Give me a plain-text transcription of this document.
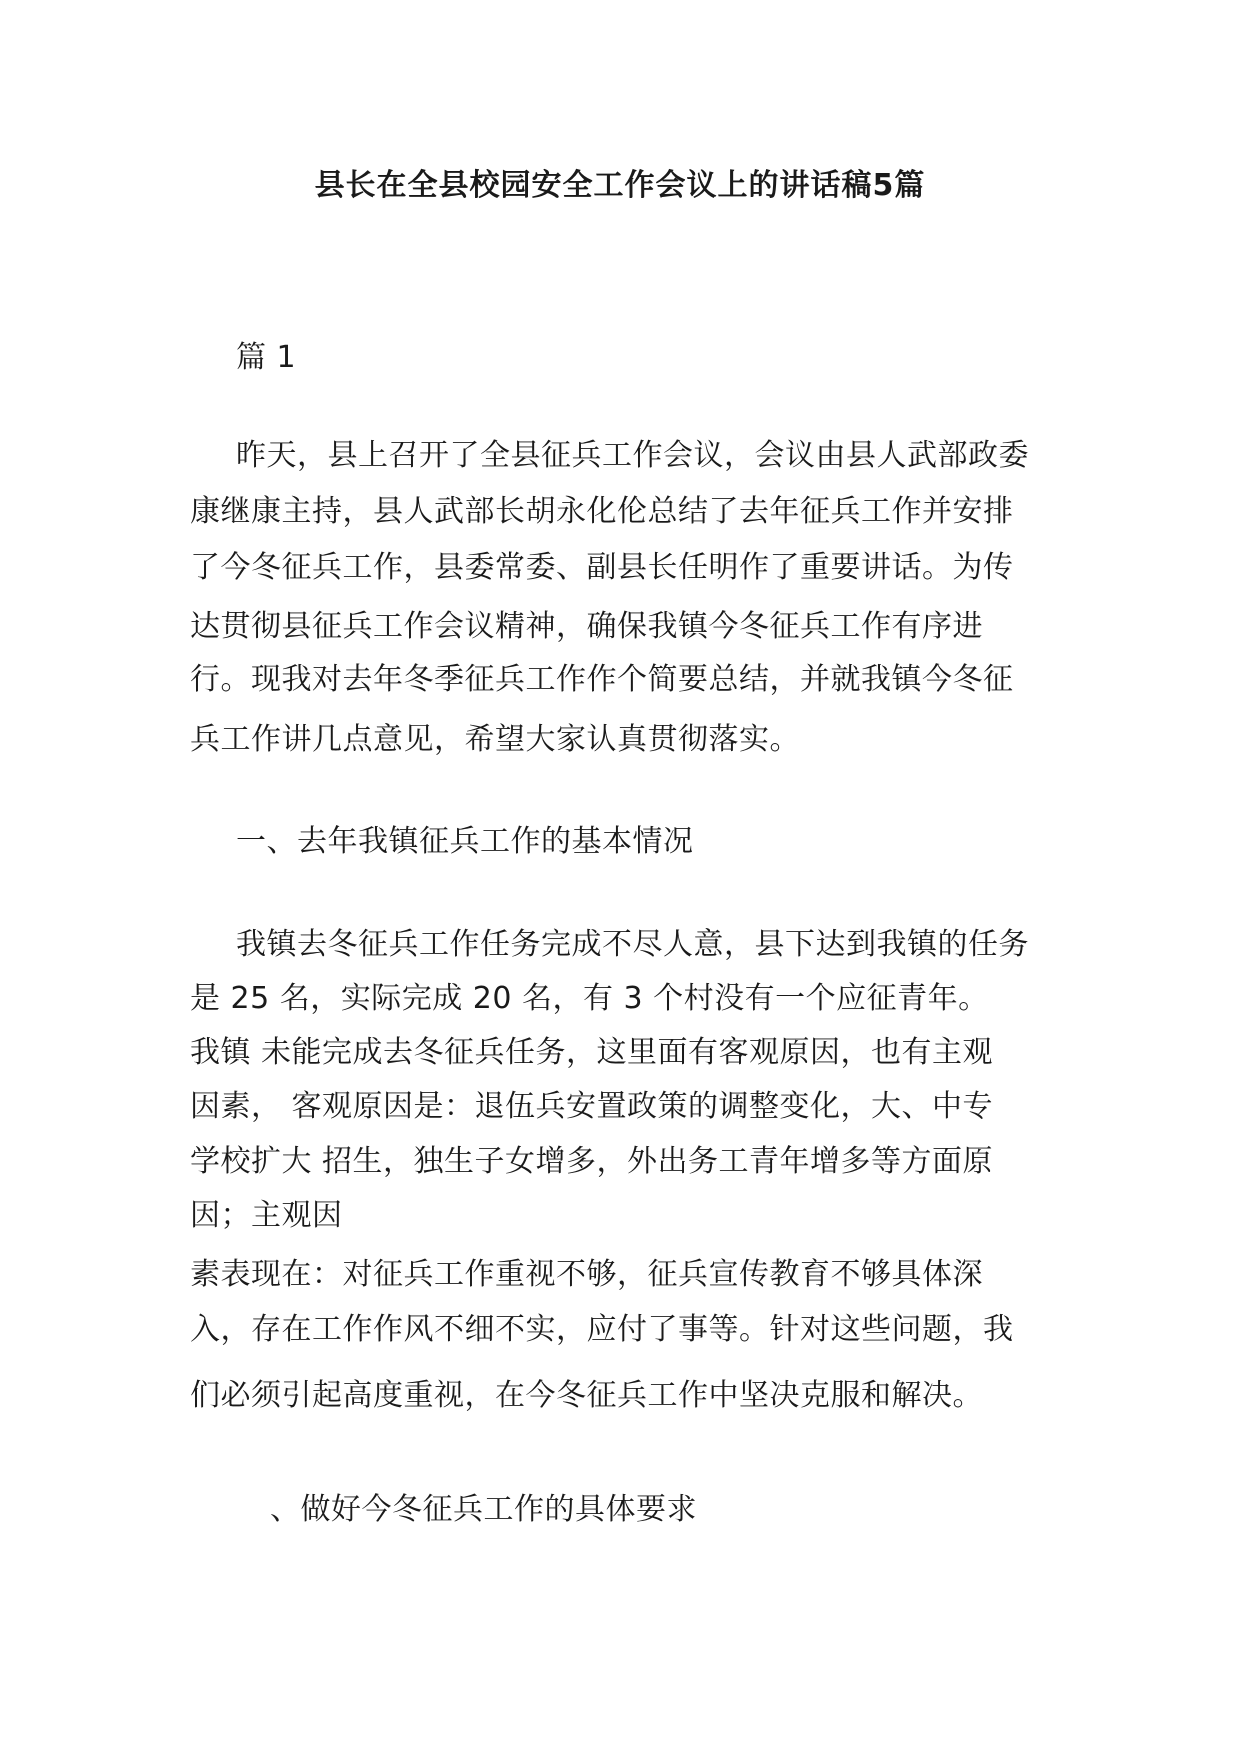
县长在全县校园安全工作会议上的讲话稿5篇
篇 1
昨天，县上召开了全县征兵工作会议，会议由县人武部政委
康继康主持，县人武部长胡永化伦总结了去年征兵工作并安排
了今冬征兵工作，县委常委、副县长任明作了重要讲话。为传
达贯彻县征兵工作会议精神，确保我镇今冬征兵工作有序进
行。现我对去年冬季征兵工作作个简要总结，并就我镇今冬征
兵工作讲几点意见，希望大家认真贯彻落实。
一、去年我镇征兵工作的基本情况
我镇去冬征兵工作任务完成不尽人意，县下达到我镇的任务
是 25 名，实际完成 20 名，有 3 个村没有一个应征青年。
我镇 未能完成去冬征兵任务，这里面有客观原因，也有主观
因素， 客观原因是：退伍兵安置政策的调整变化，大、中专
学校扩大 招生，独生子女增多，外出务工青年增多等方面原
因；主观因
素表现在：对征兵工作重视不够，征兵宣传教育不够具体深
入，存在工作作风不细不实，应付了事等。针对这些问题，我
们必须引起高度重视，在今冬征兵工作中坚决克服和解决。
、做好今冬征兵工作的具体要求
